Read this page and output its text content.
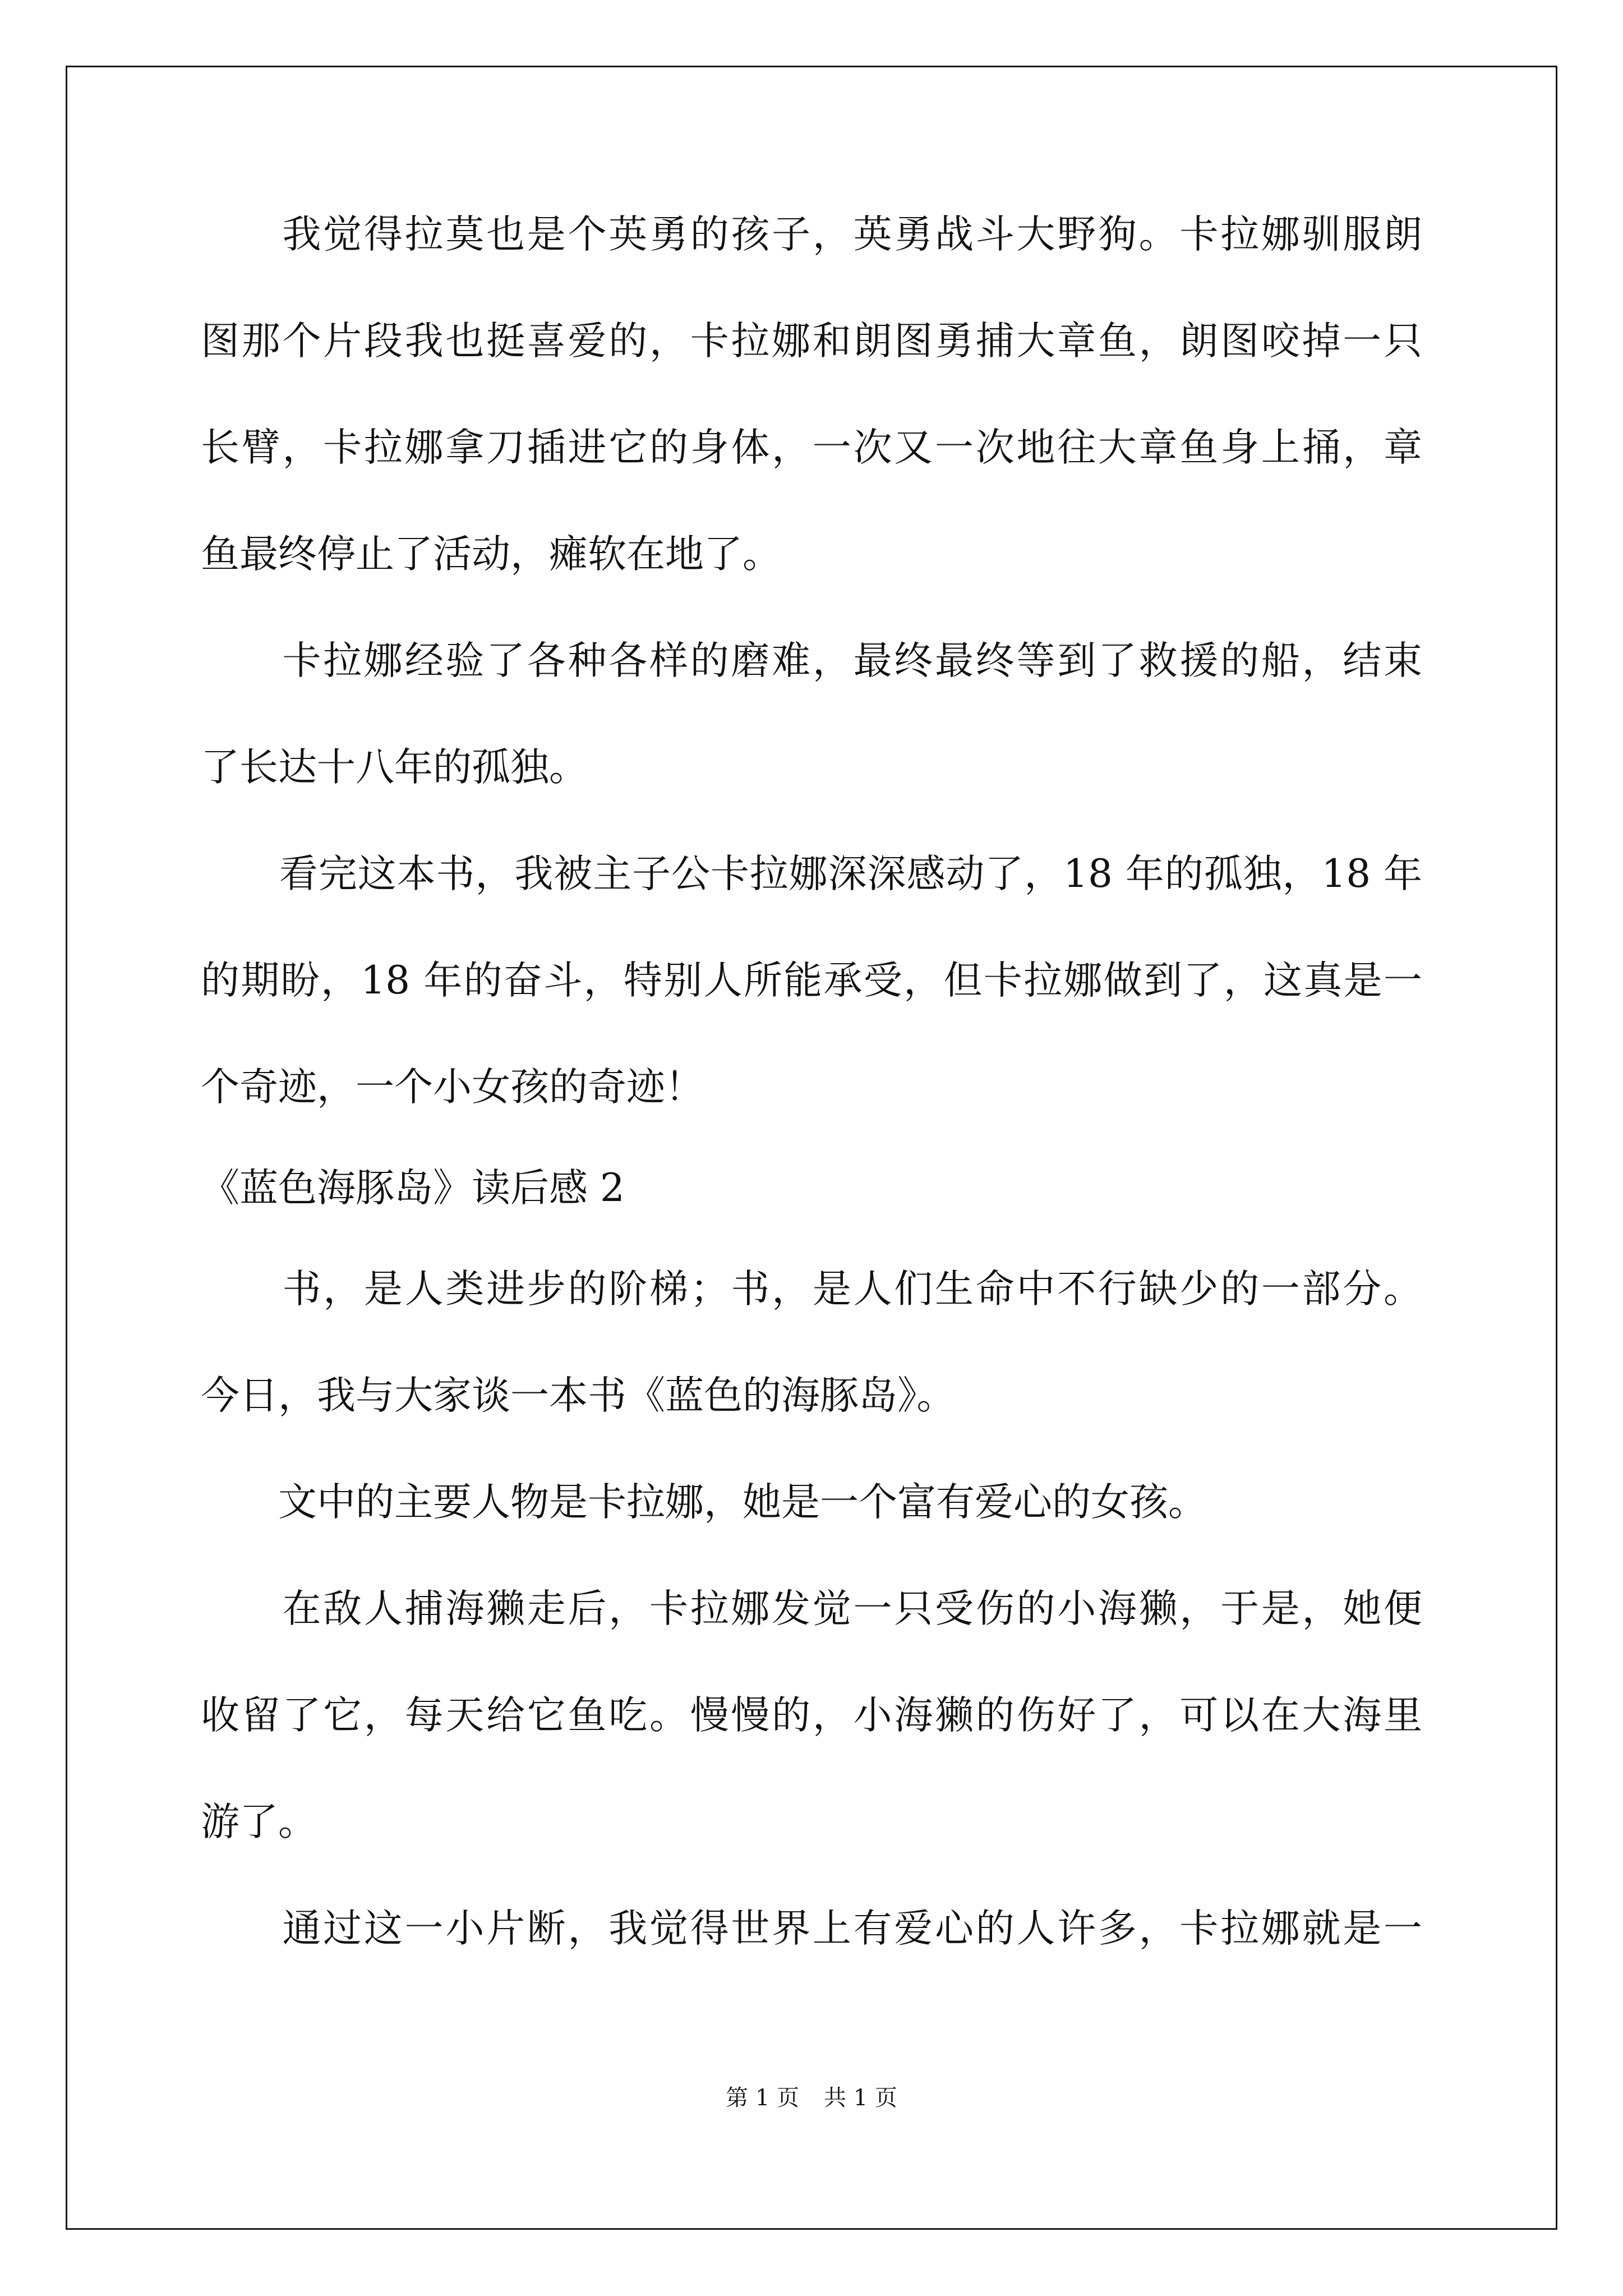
　　我觉得拉莫也是个英勇的孩子，英勇战斗大野狗。卡拉娜驯服朗
图那个片段我也挺喜爱的，卡拉娜和朗图勇捕大章鱼，朗图咬掉一只
长臂，卡拉娜拿刀插进它的身体，一次又一次地往大章鱼身上捅，章
鱼最终停止了活动，瘫软在地了。
　　卡拉娜经验了各种各样的磨难，最终最终等到了救援的船，结束
了长达十八年的孤独。
　　看完这本书，我被主子公卡拉娜深深感动了，18 年的孤独，18 年
的期盼，18 年的奋斗，特别人所能承受，但卡拉娜做到了，这真是一
个奇迹，一个小女孩的奇迹！
《蓝色海豚岛》读后感 2
　　书，是人类进步的阶梯；书，是人们生命中不行缺少的一部分。
今日，我与大家谈一本书《蓝色的海豚岛》。
　　文中的主要人物是卡拉娜，她是一个富有爱心的女孩。
　　在敌人捕海獭走后，卡拉娜发觉一只受伤的小海獭，于是，她便
收留了它，每天给它鱼吃。慢慢的，小海獭的伤好了，可以在大海里
游了。
　　通过这一小片断，我觉得世界上有爱心的人许多，卡拉娜就是一
第 1 页 共 1 页
